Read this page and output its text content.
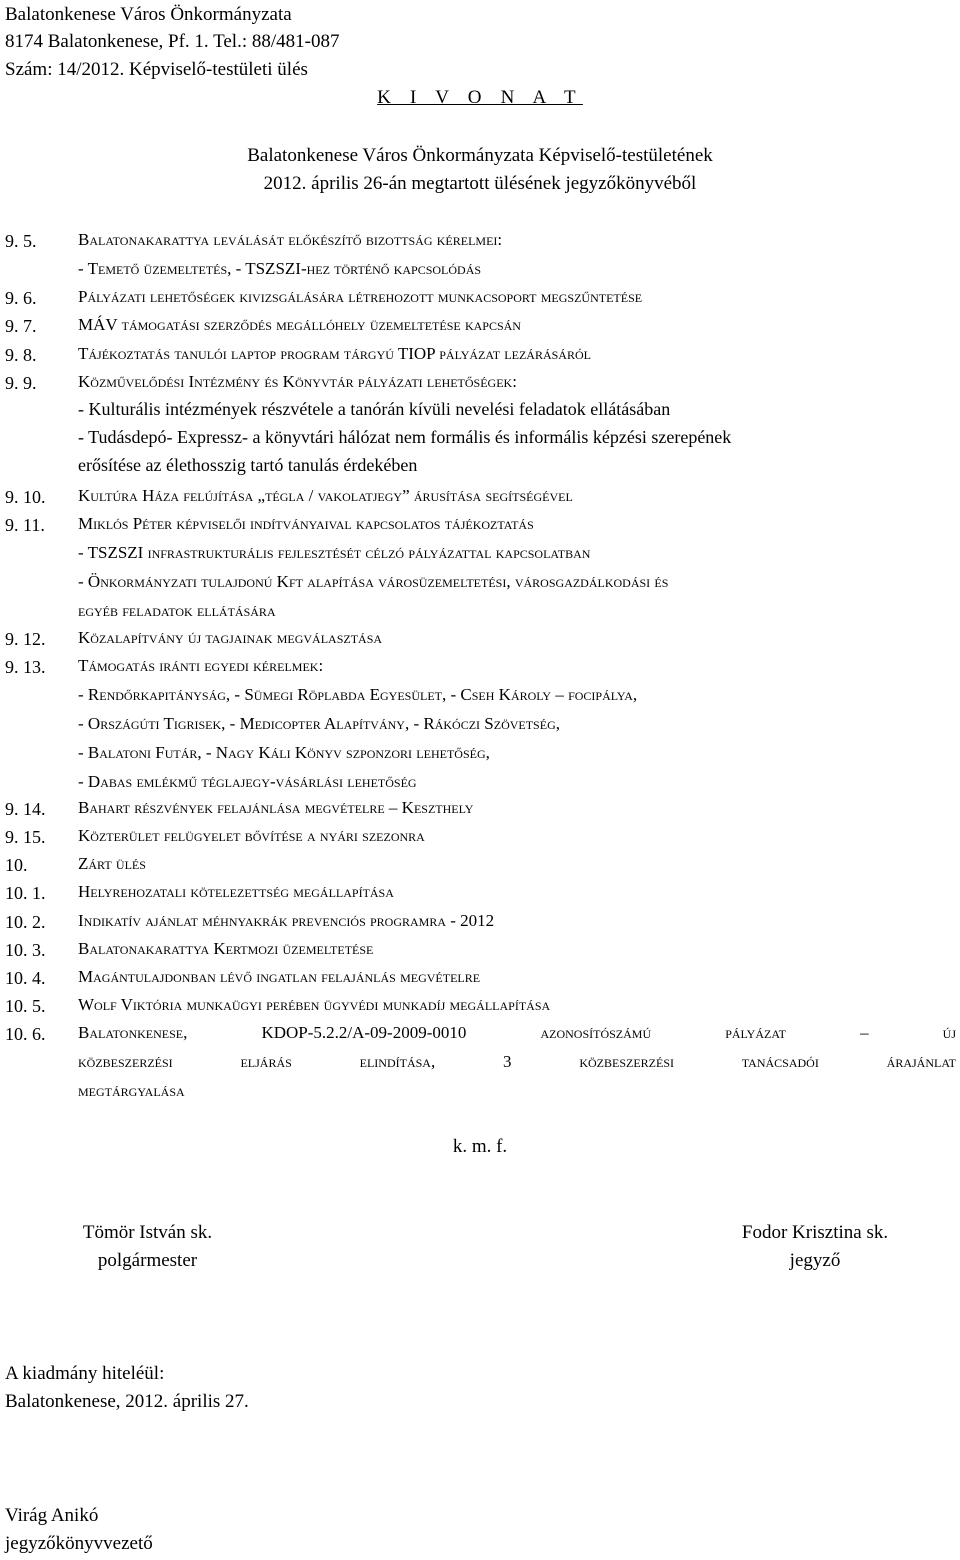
Balatonkenese Város Önkormányzata
8174 Balatonkenese, Pf. 1. Tel.: 88/481-087
Szám: 14/2012. Képviselő-testületi ülés
K I V O N A T
Balatonkenese Város Önkormányzata Képviselő-testületének
2012. április 26-án megtartott ülésének jegyzőkönyvéből
9. 5. Balatonakarattya leválását előkészítő bizottság kérelmei:
- Temető üzemeltetés, - TSZSZI-hez történő kapcsolódás
9. 6. Pályázati lehetőségek kivizsgálására létrehozott munkacsoport megszűntetése
9. 7. MÁV támogatási szerződés megállóhely üzemeltetése kapcsán
9. 8. Tájékoztatás tanulói laptop program tárgyú TIOP pályázat lezárásáról
9. 9. Közművelődési Intézmény és Könyvtár pályázati lehetőségek:
- Kulturális intézmények részvétele a tanórán kívüli nevelési feladatok ellátásában
- Tudásdepó- Expressz- a könyvtári hálózat nem formális és informális képzési szerepének
erősítése az élethosszig tartó tanulás érdekében
9. 10. Kultúra Háza felújítása „tégla / vakolatjegy” árusítása segítségével
9. 11. Miklós Péter képviselői indítványaival kapcsolatos tájékoztatás
- TSZSZI infrastrukturális fejlesztését célzó pályázattal kapcsolatban
- Önkormányzati tulajdonú Kft alapítása városüzemeltetési, városgazdálkodási és
egyéb feladatok ellátására
9. 12. Közalapítvány új tagjainak megválasztása
9. 13. Támogatás iránti egyedi kérelmek:
- Rendőrkapitányság, - Sümegi Röplabda Egyesület, - Cseh Károly – focipálya,
- Országúti Tigrisek, - Medicopter Alapítvány, - Rákóczi Szövetség,
- Balatoni Futár, - Nagy Káli Könyv szponzori lehetőség,
- Dabas emlékmű téglajegy-vásárlási lehetőség
9. 14. Bahart részvények felajánlása megvételre – Keszthely
9. 15. Közterület felügyelet bővítése a nyári szezonra
10.	Zárt ülés
10. 1. Helyrehozatali kötelezettség megállapítása
10. 2. Indikatív ajánlat méhnyakrák prevenciós programra - 2012
10. 3. Balatonakarattya Kertmozi üzemeltetése
10. 4. Magántulajdonban lévő ingatlan felajánlás megvételre
10. 5. Wolf Viktória munkaügyi perében ügyvédi munkadíj megállapítása
10. 6. Balatonkenese, KDOP-5.2.2/A-09-2009-0010 azonosítószámú pályázat – új
közbeszerzési eljárás elindítása, 3 közbeszerzési tanácsadói árajánlat
megtárgyalása
k. m. f.
Tömör István sk.
polgármester
Fodor Krisztina sk.
jegyző
A kiadmány hiteléül:
Balatonkenese, 2012. április 27.
Virág Anikó
jegyzőkönyvvezető
